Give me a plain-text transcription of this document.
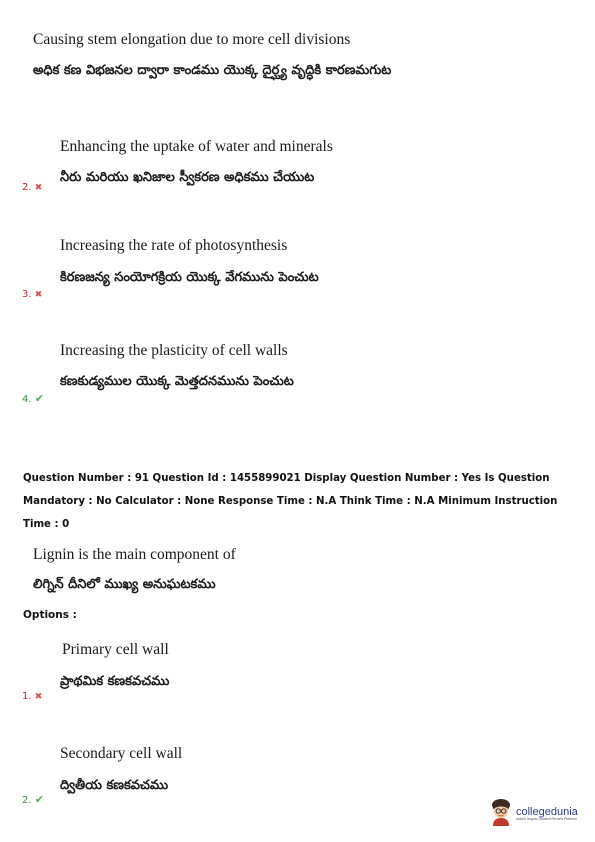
Causing stem elongation due to more cell divisions
అధిక కణ విభజనల ద్వారా కాండము యొక్క దైర్ఘ్య వృద్ధికి కారణమగుట
Enhancing the uptake of water and minerals
నీరు మరియు ఖనిజాల స్వీకరణ అధికము చేయుట
2. ✖
Increasing the rate of photosynthesis
కిరణజన్య సంయోగక్రియ యొక్క వేగమును పెంచుట
3. ✖
Increasing the plasticity of cell walls
కణకుడ్యముల యొక్క మెత్తదనమును పెంచుట
4. ✔
Question Number : 91 Question Id : 1455899021 Display Question Number : Yes Is Question Mandatory : No Calculator : None Response Time : N.A Think Time : N.A Minimum Instruction Time : 0
Lignin is the main component of
లిగ్నిన్ దీనిలో ముఖ్య అనుఘటకము
Options :
Primary cell wall
ప్రాథమిక కణకవచము
1. ✖
Secondary cell wall
ద్వితీయ కణకవచము
2. ✔
collegedunia
India's largest Student Review Platform
